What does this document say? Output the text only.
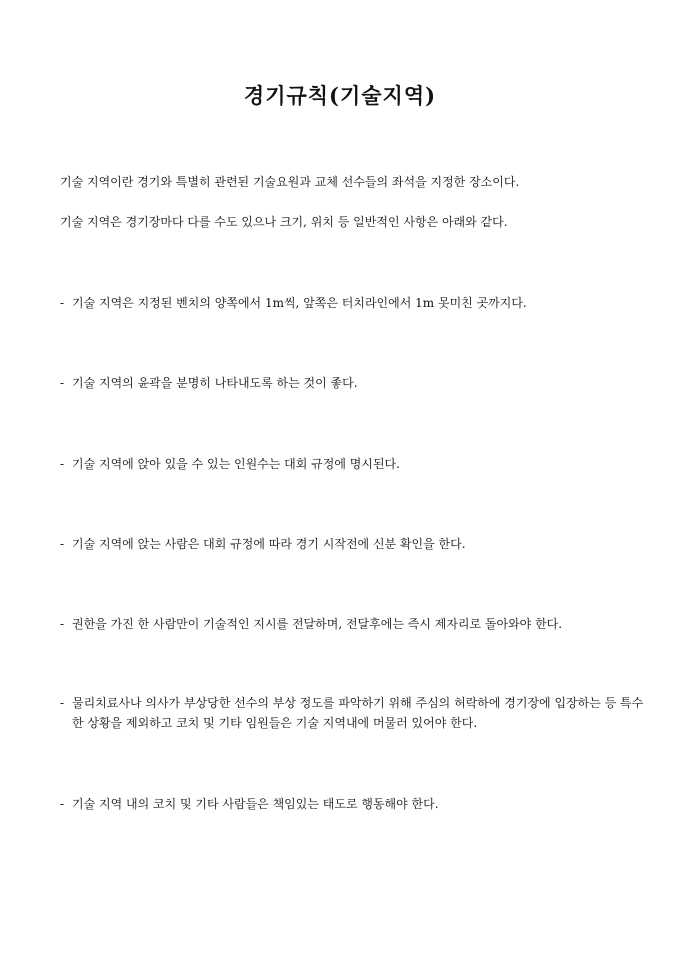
경기규칙(기술지역)
기술 지역이란 경기와 특별히 관련된 기술요원과 교체 선수들의 좌석을 지정한 장소이다.
기술 지역은 경기장마다 다를 수도 있으나 크기, 위치 등 일반적인 사항은 아래와 같다.
- 기술 지역은 지정된 벤치의 양쪽에서 1m씩, 앞쪽은 터치라인에서 1m 못미친 곳까지다.
- 기술 지역의 윤곽을 분명히 나타내도록 하는 것이 좋다.
- 기술 지역에 앉아 있을 수 있는 인원수는 대회 규정에 명시된다.
- 기술 지역에 앉는 사람은 대회 규정에 따라 경기 시작전에 신분 확인을 한다.
- 권한을 가진 한 사람만이 기술적인 지시를 전달하며, 전달후에는 즉시 제자리로 돌아와야 한다.
- 물리치료사나 의사가 부상당한 선수의 부상 정도를 파악하기 위해 주심의 허락하에 경기장에 입장하는 등 특수한 상황을 제외하고 코치 및 기타 임원들은 기술 지역내에 머물러 있어야 한다.
- 기술 지역 내의 코치 및 기타 사람들은 책임있는 태도로 행동해야 한다.
